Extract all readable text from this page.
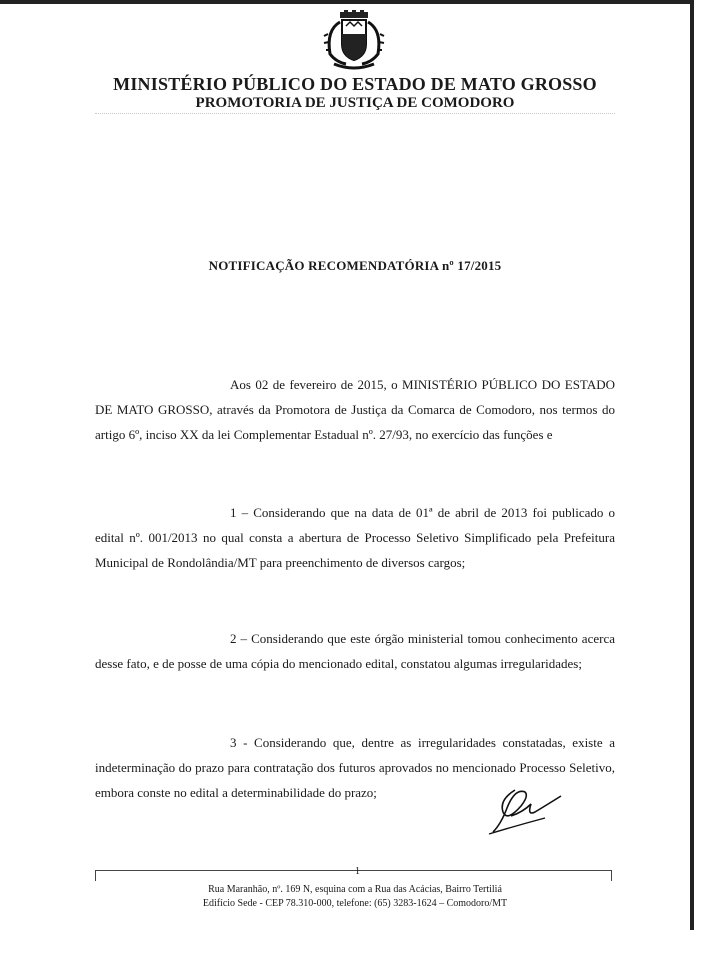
MINISTÉRIO PÚBLICO DO ESTADO DE MATO GROSSO
PROMOTORIA DE JUSTIÇA DE COMODORO
NOTIFICAÇÃO RECOMENDATÓRIA nº 17/2015

Aos 02 de fevereiro de 2015, o MINISTÉRIO PÚBLICO DO ESTADO DE MATO GROSSO, através da Promotora de Justiça da Comarca de Comodoro, nos termos do artigo 6º, inciso XX da lei Complementar Estadual nº. 27/93, no exercício das funções e

1 – Considerando que na data de 01ª de abril de 2013 foi publicado o edital nº. 001/2013 no qual consta a abertura de Processo Seletivo Simplificado pela Prefeitura Municipal de Rondolândia/MT para preenchimento de diversos cargos;

2 – Considerando que este órgão ministerial tomou conhecimento acerca desse fato, e de posse de uma cópia do mencionado edital, constatou algumas irregularidades;

3 - Considerando que, dentre as irregularidades constatadas, existe a indeterminação do prazo para contratação dos futuros aprovados no mencionado Processo Seletivo, embora conste no edital a determinabilidade do prazo;

1
Rua Maranhão, nº. 169 N, esquina com a Rua das Acácias, Bairro Tertiliá
Edifício Sede - CEP 78.310-000, telefone: (65) 3283-1624 – Comodoro/MT
